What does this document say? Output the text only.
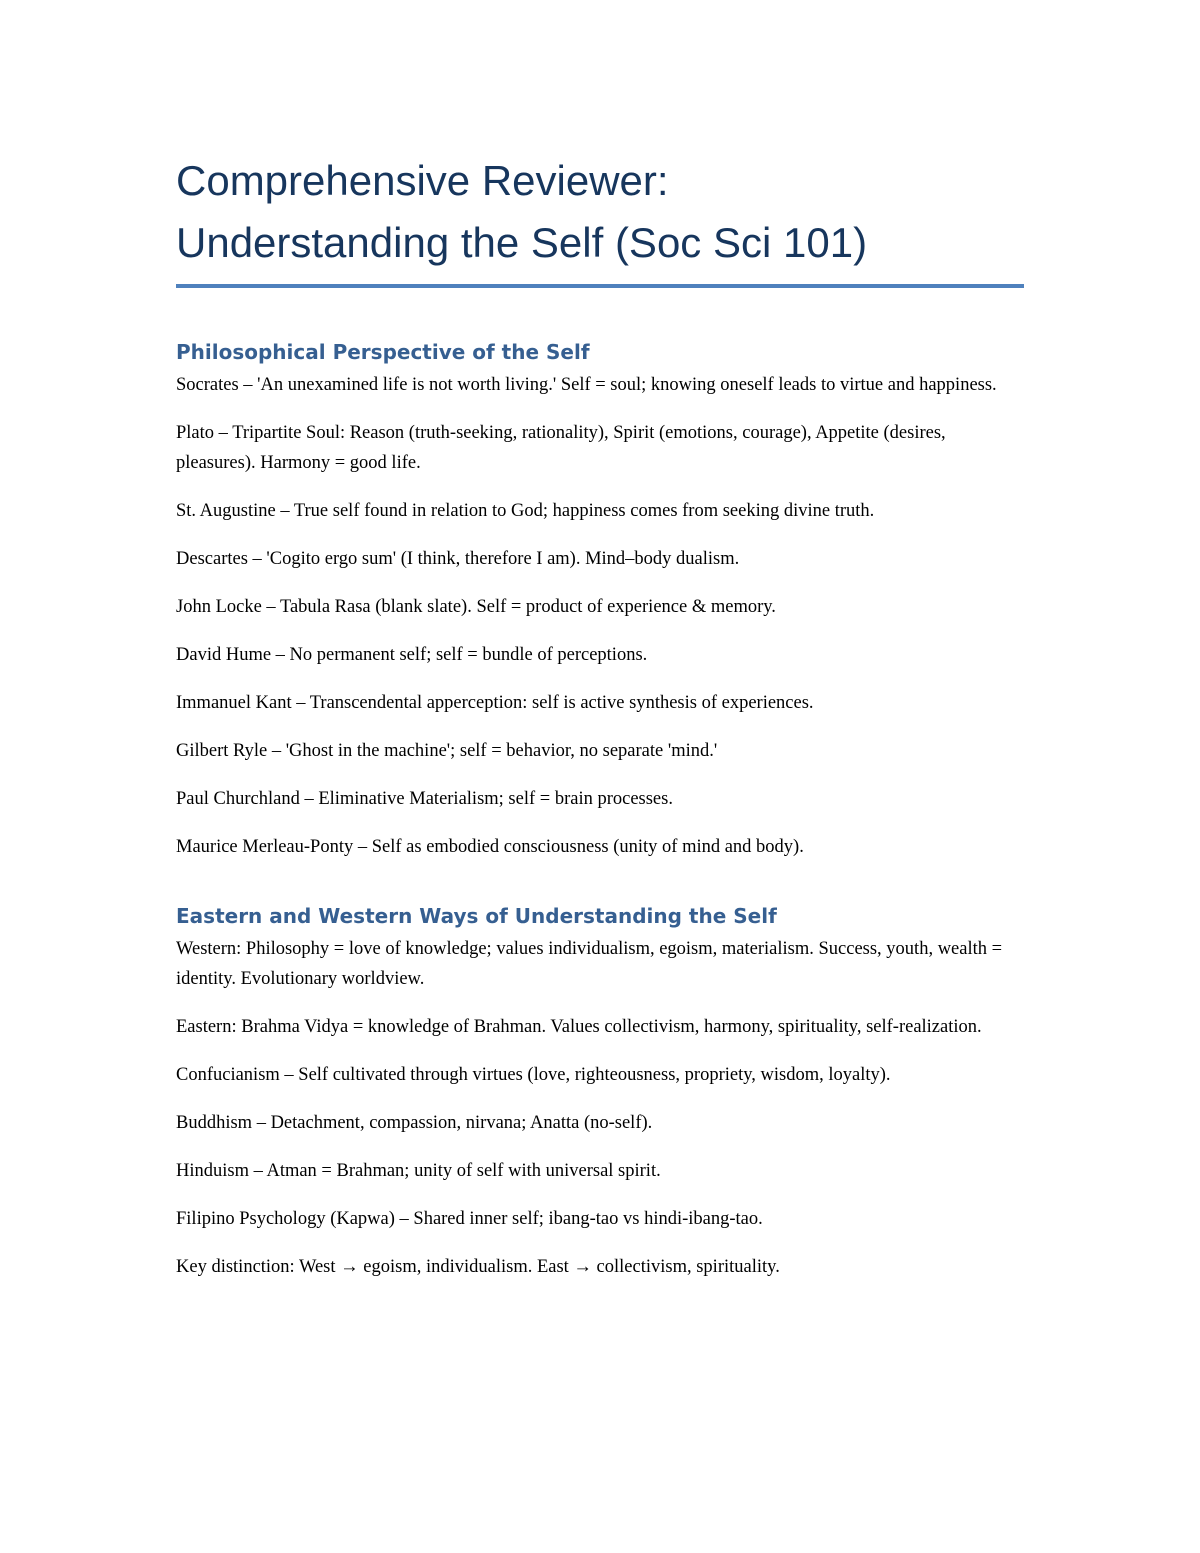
Comprehensive Reviewer:
Understanding the Self (Soc Sci 101)
Philosophical Perspective of the Self

Socrates – 'An unexamined life is not worth living.' Self = soul; knowing oneself leads to virtue and happiness.

Plato – Tripartite Soul: Reason (truth-seeking, rationality), Spirit (emotions, courage), Appetite (desires, pleasures). Harmony = good life.

St. Augustine – True self found in relation to God; happiness comes from seeking divine truth.

Descartes – 'Cogito ergo sum' (I think, therefore I am). Mind–body dualism.

John Locke – Tabula Rasa (blank slate). Self = product of experience & memory.

David Hume – No permanent self; self = bundle of perceptions.

Immanuel Kant – Transcendental apperception: self is active synthesis of experiences.

Gilbert Ryle – 'Ghost in the machine'; self = behavior, no separate 'mind.'

Paul Churchland – Eliminative Materialism; self = brain processes.

Maurice Merleau-Ponty – Self as embodied consciousness (unity of mind and body).

Eastern and Western Ways of Understanding the Self

Western: Philosophy = love of knowledge; values individualism, egoism, materialism. Success, youth, wealth = identity. Evolutionary worldview.

Eastern: Brahma Vidya = knowledge of Brahman. Values collectivism, harmony, spirituality, self-realization.

Confucianism – Self cultivated through virtues (love, righteousness, propriety, wisdom, loyalty).

Buddhism – Detachment, compassion, nirvana; Anatta (no-self).

Hinduism – Atman = Brahman; unity of self with universal spirit.

Filipino Psychology (Kapwa) – Shared inner self; ibang-tao vs hindi-ibang-tao.

Key distinction: West → egoism, individualism. East → collectivism, spirituality.
